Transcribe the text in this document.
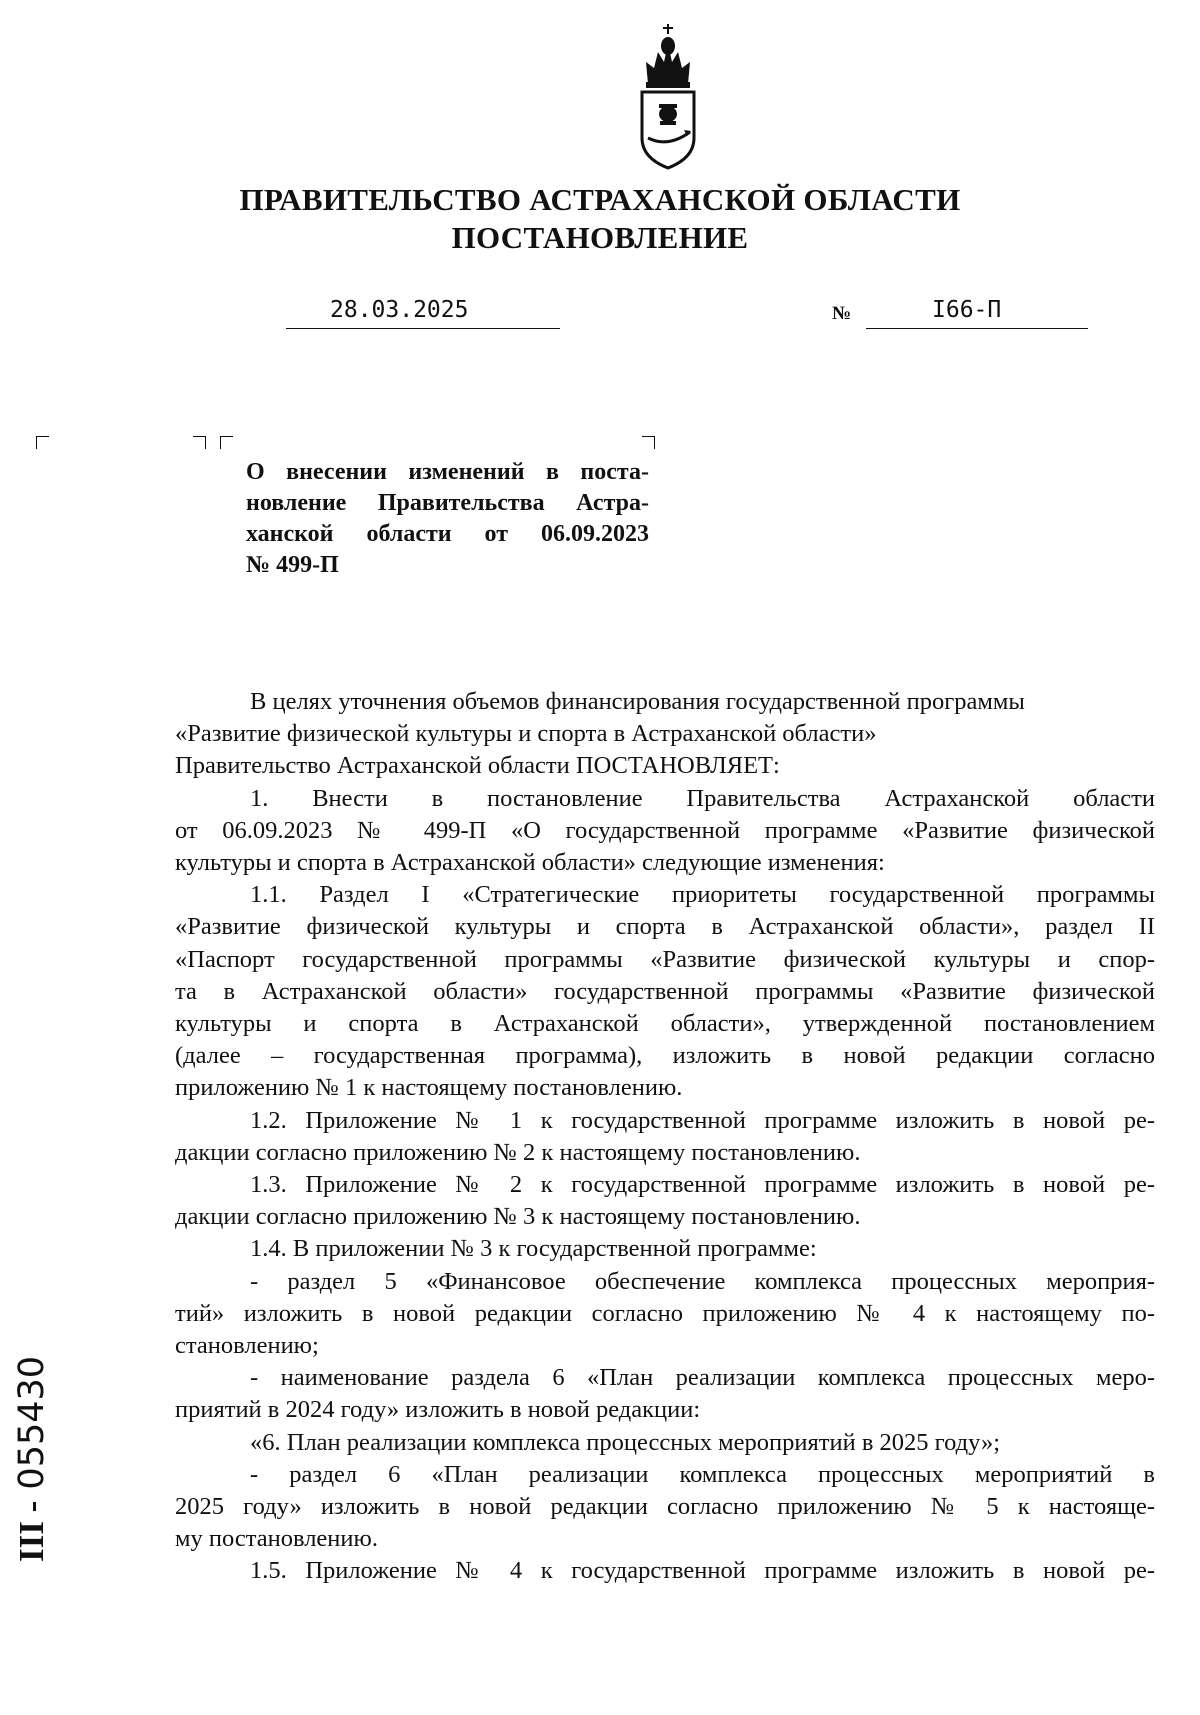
ПРАВИТЕЛЬСТВО АСТРАХАНСКОЙ ОБЛАСТИ
ПОСТАНОВЛЕНИЕ
28.03.2025	№	I66-П
О внесении изменений в поста-
новление Правительства Астра-
ханской области от 06.09.2023
№ 499-П
В целях уточнения объемов финансирования государственной программы
«Развитие физической культуры и спорта в Астраханской области»
Правительство Астраханской области ПОСТАНОВЛЯЕТ:
1. Внести в постановление Правительства Астраханской области
от 06.09.2023 № 499-П «О государственной программе «Развитие физической
культуры и спорта в Астраханской области» следующие изменения:
1.1. Раздел I «Стратегические приоритеты государственной программы
«Развитие физической культуры и спорта в Астраханской области», раздел II
«Паспорт государственной программы «Развитие физической культуры и спор-
та в Астраханской области» государственной программы «Развитие физической
культуры и спорта в Астраханской области», утвержденной постановлением
(далее – государственная программа), изложить в новой редакции согласно
приложению № 1 к настоящему постановлению.
1.2. Приложение № 1 к государственной программе изложить в новой ре-
дакции согласно приложению № 2 к настоящему постановлению.
1.3. Приложение № 2 к государственной программе изложить в новой ре-
дакции согласно приложению № 3 к настоящему постановлению.
1.4. В приложении № 3 к государственной программе:
- раздел 5 «Финансовое обеспечение комплекса процессных мероприя-
тий» изложить в новой редакции согласно приложению № 4 к настоящему по-
становлению;
- наименование раздела 6 «План реализации комплекса процессных меро-
приятий в 2024 году» изложить в новой редакции:
«6. План реализации комплекса процессных мероприятий в 2025 году»;
- раздел 6 «План реализации комплекса процессных мероприятий в
2025 году» изложить в новой редакции согласно приложению № 5 к настояще-
му постановлению.
1.5. Приложение № 4 к государственной программе изложить в новой ре-
ІІІ - 055430
